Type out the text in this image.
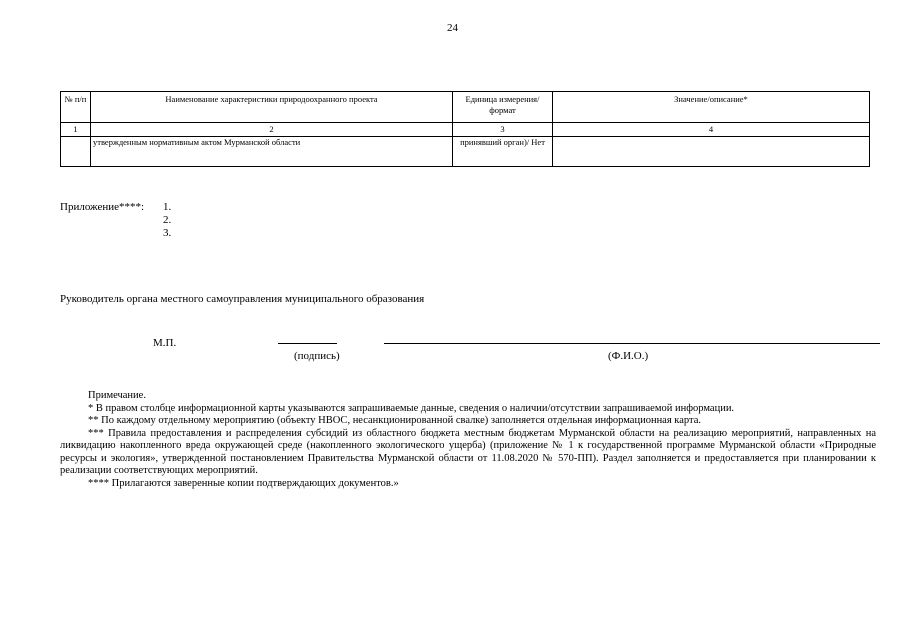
24
№ п/п	Наименование характеристики природоохранного проекта	Единица измерения/формат	Значение/описание*
1	2	3	4
	утвержденным нормативным актом Мурманской области	принявший орган)/ Нет	
Приложение****: 1.
2.
3.
Руководитель органа местного самоуправления муниципального образования
М.П.
(подпись)	(Ф.И.О.)

Примечание.

* В правом столбце информационной карты указываются запрашиваемые данные, сведения о наличии/отсутствии запрашиваемой информации.

** По каждому отдельному мероприятию (объекту НВОС, несанкционированной свалке) заполняется отдельная информационная карта.

*** Правила предоставления и распределения субсидий из областного бюджета местным бюджетам Мурманской области на реализацию мероприятий, направленных на ликвидацию накопленного вреда окружающей среде (накопленного экологического ущерба) (приложение № 1 к государственной программе Мурманской области «Природные ресурсы и экология», утвержденной постановлением Правительства Мурманской области от 11.08.2020 № 570-ПП). Раздел заполняется и предоставляется при планировании к реализации соответствующих мероприятий.

**** Прилагаются заверенные копии подтверждающих документов.»
